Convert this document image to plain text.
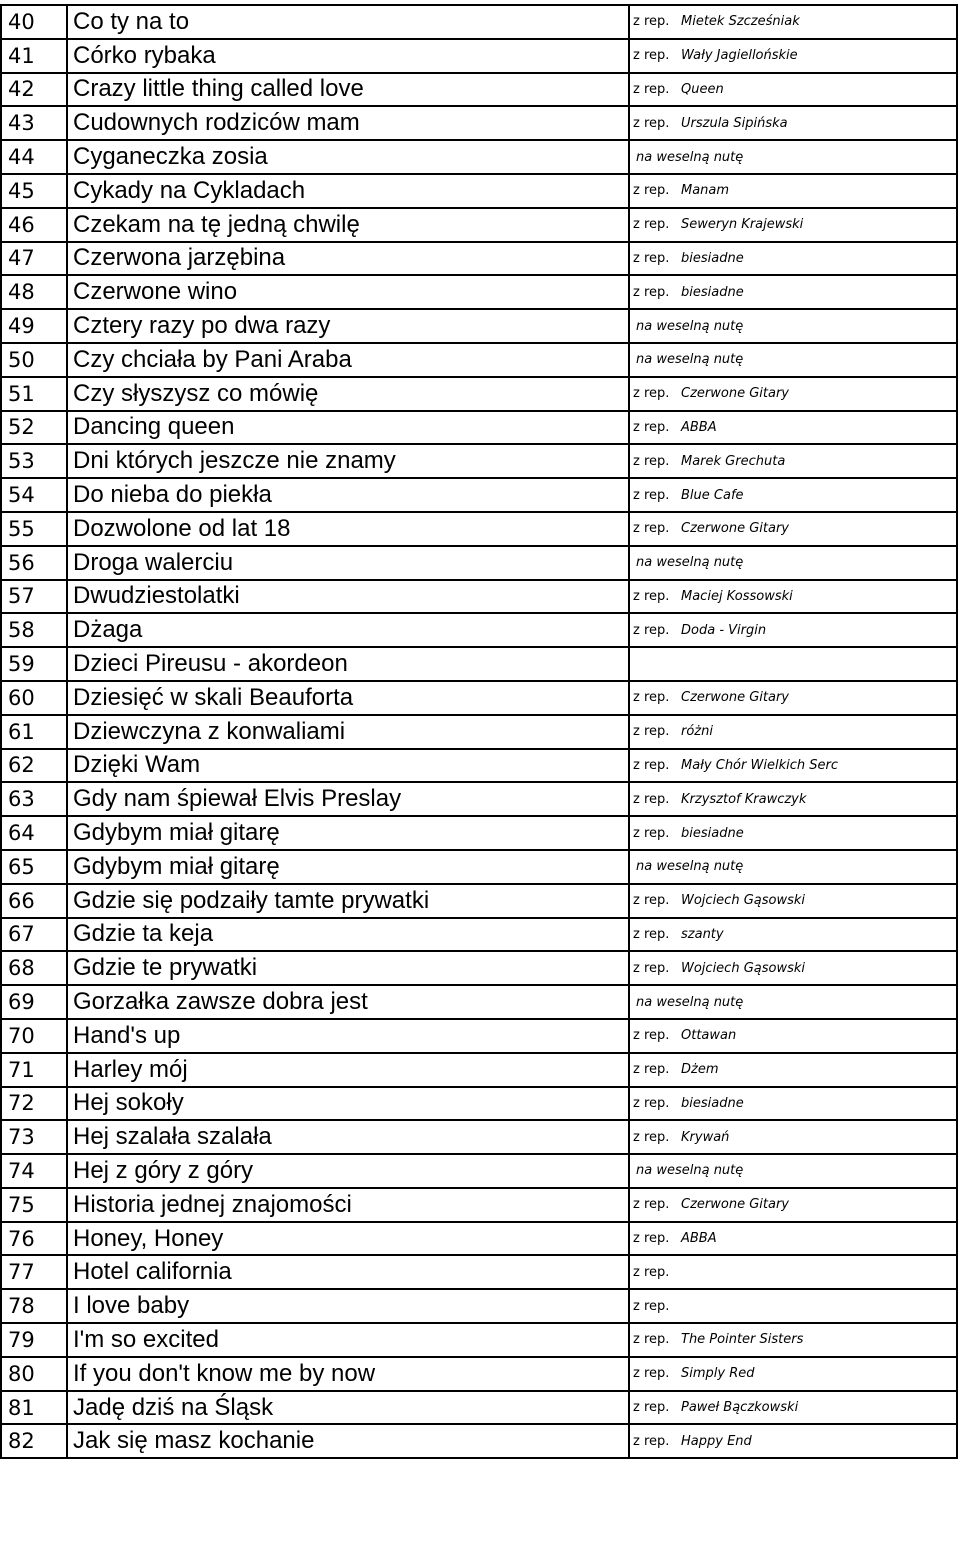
40	Co ty na to	z rep.	Mietek Szcześniak
41	Córko rybaka	z rep.	Wały Jagiellońskie
42	Crazy little thing called love	z rep.	Queen
43	Cudownych rodziców mam	z rep.	Urszula Sipińska
44	Cyganeczka zosia	na weselną nutę	
45	Cykady na Cykladach	z rep.	Manam
46	Czekam na tę jedną chwilę	z rep.	Seweryn Krajewski
47	Czerwona jarzębina	z rep.	biesiadne
48	Czerwone wino	z rep.	biesiadne
49	Cztery razy po dwa razy	na weselną nutę	
50	Czy chciała by Pani Araba	na weselną nutę	
51	Czy słyszysz co mówię	z rep.	Czerwone Gitary
52	Dancing queen	z rep.	ABBA
53	Dni których jeszcze nie znamy	z rep.	Marek Grechuta
54	Do nieba do piekła	z rep.	Blue Cafe
55	Dozwolone od lat 18	z rep.	Czerwone Gitary
56	Droga walerciu	na weselną nutę	
57	Dwudziestolatki	z rep.	Maciej Kossowski
58	Dżaga	z rep.	Doda - Virgin
59	Dzieci Pireusu - akordeon		
60	Dziesięć w skali Beauforta	z rep.	Czerwone Gitary
61	Dziewczyna z konwaliami	z rep.	różni
62	Dzięki Wam	z rep.	Mały Chór Wielkich Serc
63	Gdy nam śpiewał Elvis Preslay	z rep.	Krzysztof Krawczyk
64	Gdybym miał gitarę	z rep.	biesiadne
65	Gdybym miał gitarę	na weselną nutę	
66	Gdzie się podzaiły tamte prywatki	z rep.	Wojciech Gąsowski
67	Gdzie ta keja	z rep.	szanty
68	Gdzie te prywatki	z rep.	Wojciech Gąsowski
69	Gorzałka zawsze dobra jest	na weselną nutę	
70	Hand's up	z rep.	Ottawan
71	Harley mój	z rep.	Dżem
72	Hej sokoły	z rep.	biesiadne
73	Hej szalała szalała	z rep.	Krywań
74	Hej z góry z góry	na weselną nutę	
75	Historia jednej znajomości	z rep.	Czerwone Gitary
76	Honey, Honey	z rep.	ABBA
77	Hotel california	z rep.	
78	I love baby	z rep.	
79	I'm so excited	z rep.	The Pointer Sisters
80	If you don't know me by now	z rep.	Simply Red
81	Jadę dziś na Śląsk	z rep.	Paweł Bączkowski
82	Jak się masz kochanie	z rep.	Happy End
